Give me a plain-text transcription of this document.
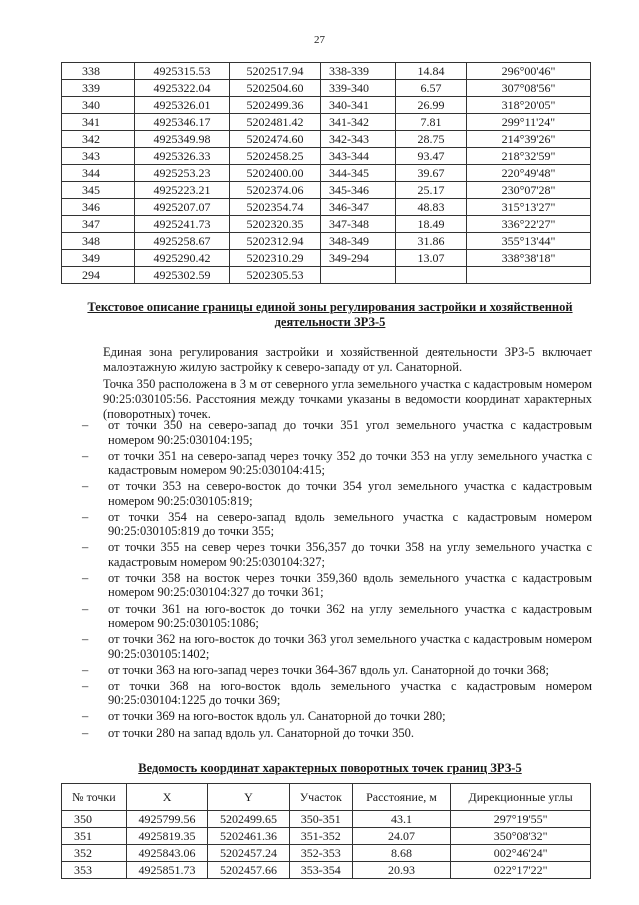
27
338	4925315.53	5202517.94	338-339	14.84	296°00'46"
339	4925322.04	5202504.60	339-340	6.57	307°08'56"
340	4925326.01	5202499.36	340-341	26.99	318°20'05"
341	4925346.17	5202481.42	341-342	7.81	299°11'24"
342	4925349.98	5202474.60	342-343	28.75	214°39'26"
343	4925326.33	5202458.25	343-344	93.47	218°32'59"
344	4925253.23	5202400.00	344-345	39.67	220°49'48"
345	4925223.21	5202374.06	345-346	25.17	230°07'28"
346	4925207.07	5202354.74	346-347	48.83	315°13'27"
347	4925241.73	5202320.35	347-348	18.49	336°22'27"
348	4925258.67	5202312.94	348-349	31.86	355°13'44"
349	4925290.42	5202310.29	349-294	13.07	338°38'18"
294	4925302.59	5202305.53			
Текстовое описание границы единой зоны регулирования застройки и хозяйственной деятельности ЗРЗ-5
Единая зона регулирования застройки и хозяйственной деятельности ЗРЗ-5 включает малоэтажную жилую застройку к северо-западу от ул. Санаторной.
Точка 350 расположена в 3 м от северного угла земельного участка с кадастровым номером 90:25:030105:56. Расстояния между точками указаны в ведомости координат характерных (поворотных) точек.
– от точки 350 на северо-запад до точки 351 угол земельного участка с кадастровым номером 90:25:030104:195;
– от точки 351 на северо-запад через точку 352 до точки 353 на углу земельного участка с кадастровым номером 90:25:030104:415;
– от точки 353 на северо-восток до точки 354 угол земельного участка с кадастровым номером 90:25:030105:819;
– от точки 354 на северо-запад вдоль земельного участка с кадастровым номером 90:25:030105:819 до точки 355;
– от точки 355 на север через точки 356,357 до точки 358 на углу земельного участка с кадастровым номером 90:25:030104:327;
– от точки 358 на восток через точки 359,360 вдоль земельного участка с кадастровым номером 90:25:030104:327 до точки 361;
– от точки 361 на юго-восток до точки 362 на углу земельного участка с кадастровым номером 90:25:030105:1086;
– от точки 362 на юго-восток до точки 363 угол земельного участка с кадастровым номером 90:25:030105:1402;
– от точки 363 на юго-запад через точки 364-367 вдоль ул. Санаторной до точки 368;
– от точки 368 на юго-восток вдоль земельного участка с кадастровым номером 90:25:030104:1225 до точки 369;
– от точки 369 на юго-восток вдоль ул. Санаторной до точки 280;
– от точки 280 на запад вдоль ул. Санаторной до точки 350.
Ведомость координат характерных поворотных точек границ ЗРЗ-5
№ точки	X	Y	Участок	Расстояние, м	Дирекционные углы
350	4925799.56	5202499.65	350-351	43.1	297°19'55"
351	4925819.35	5202461.36	351-352	24.07	350°08'32"
352	4925843.06	5202457.24	352-353	8.68	002°46'24"
353	4925851.73	5202457.66	353-354	20.93	022°17'22"
